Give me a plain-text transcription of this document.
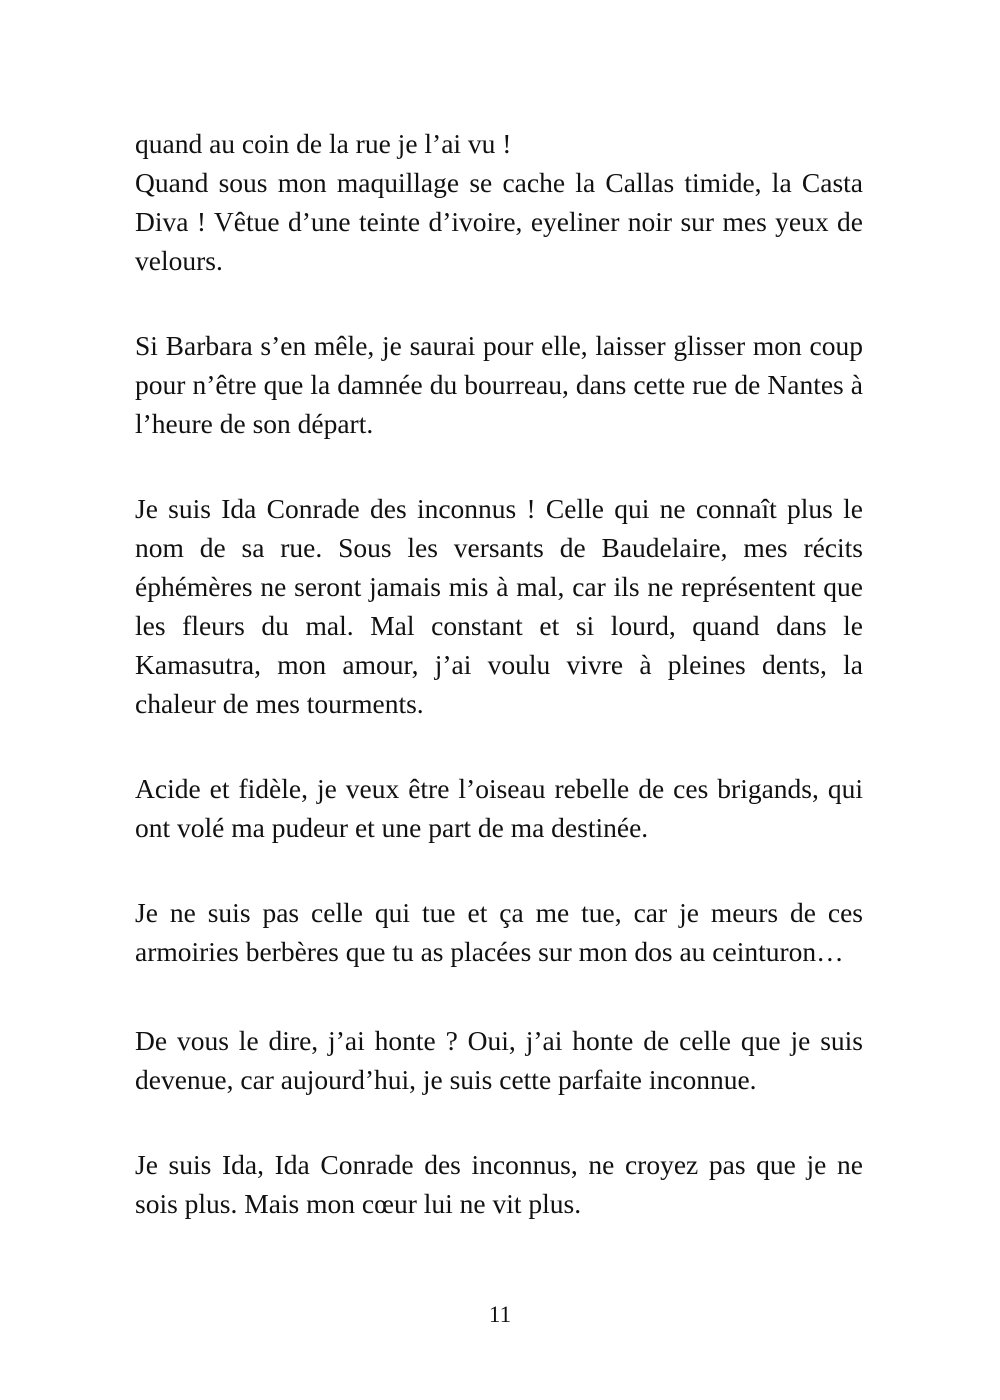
quand au coin de la rue je l’ai vu !

Quand sous mon maquillage se cache la Callas timide, la Casta Diva ! Vêtue d’une teinte d’ivoire, eyeliner noir sur mes yeux de velours.

Si Barbara s’en mêle, je saurai pour elle, laisser glisser mon coup pour n’être que la damnée du bourreau, dans cette rue de Nantes à l’heure de son départ.

Je suis Ida Conrade des inconnus ! Celle qui ne connaît plus le nom de sa rue. Sous les versants de Baudelaire, mes récits éphémères ne seront jamais mis à mal, car ils ne représentent que les fleurs du mal. Mal constant et si lourd, quand dans le Kamasutra, mon amour, j’ai voulu vivre à pleines dents, la chaleur de mes tourments.

Acide et fidèle, je veux être l’oiseau rebelle de ces brigands, qui ont volé ma pudeur et une part de ma destinée.

Je ne suis pas celle qui tue et ça me tue, car je meurs de ces armoiries berbères que tu as placées sur mon dos au ceinturon…

De vous le dire, j’ai honte ? Oui, j’ai honte de celle que je suis devenue, car aujourd’hui, je suis cette parfaite inconnue.

Je suis Ida, Ida Conrade des inconnus, ne croyez pas que je ne sois plus. Mais mon cœur lui ne vit plus.

11
